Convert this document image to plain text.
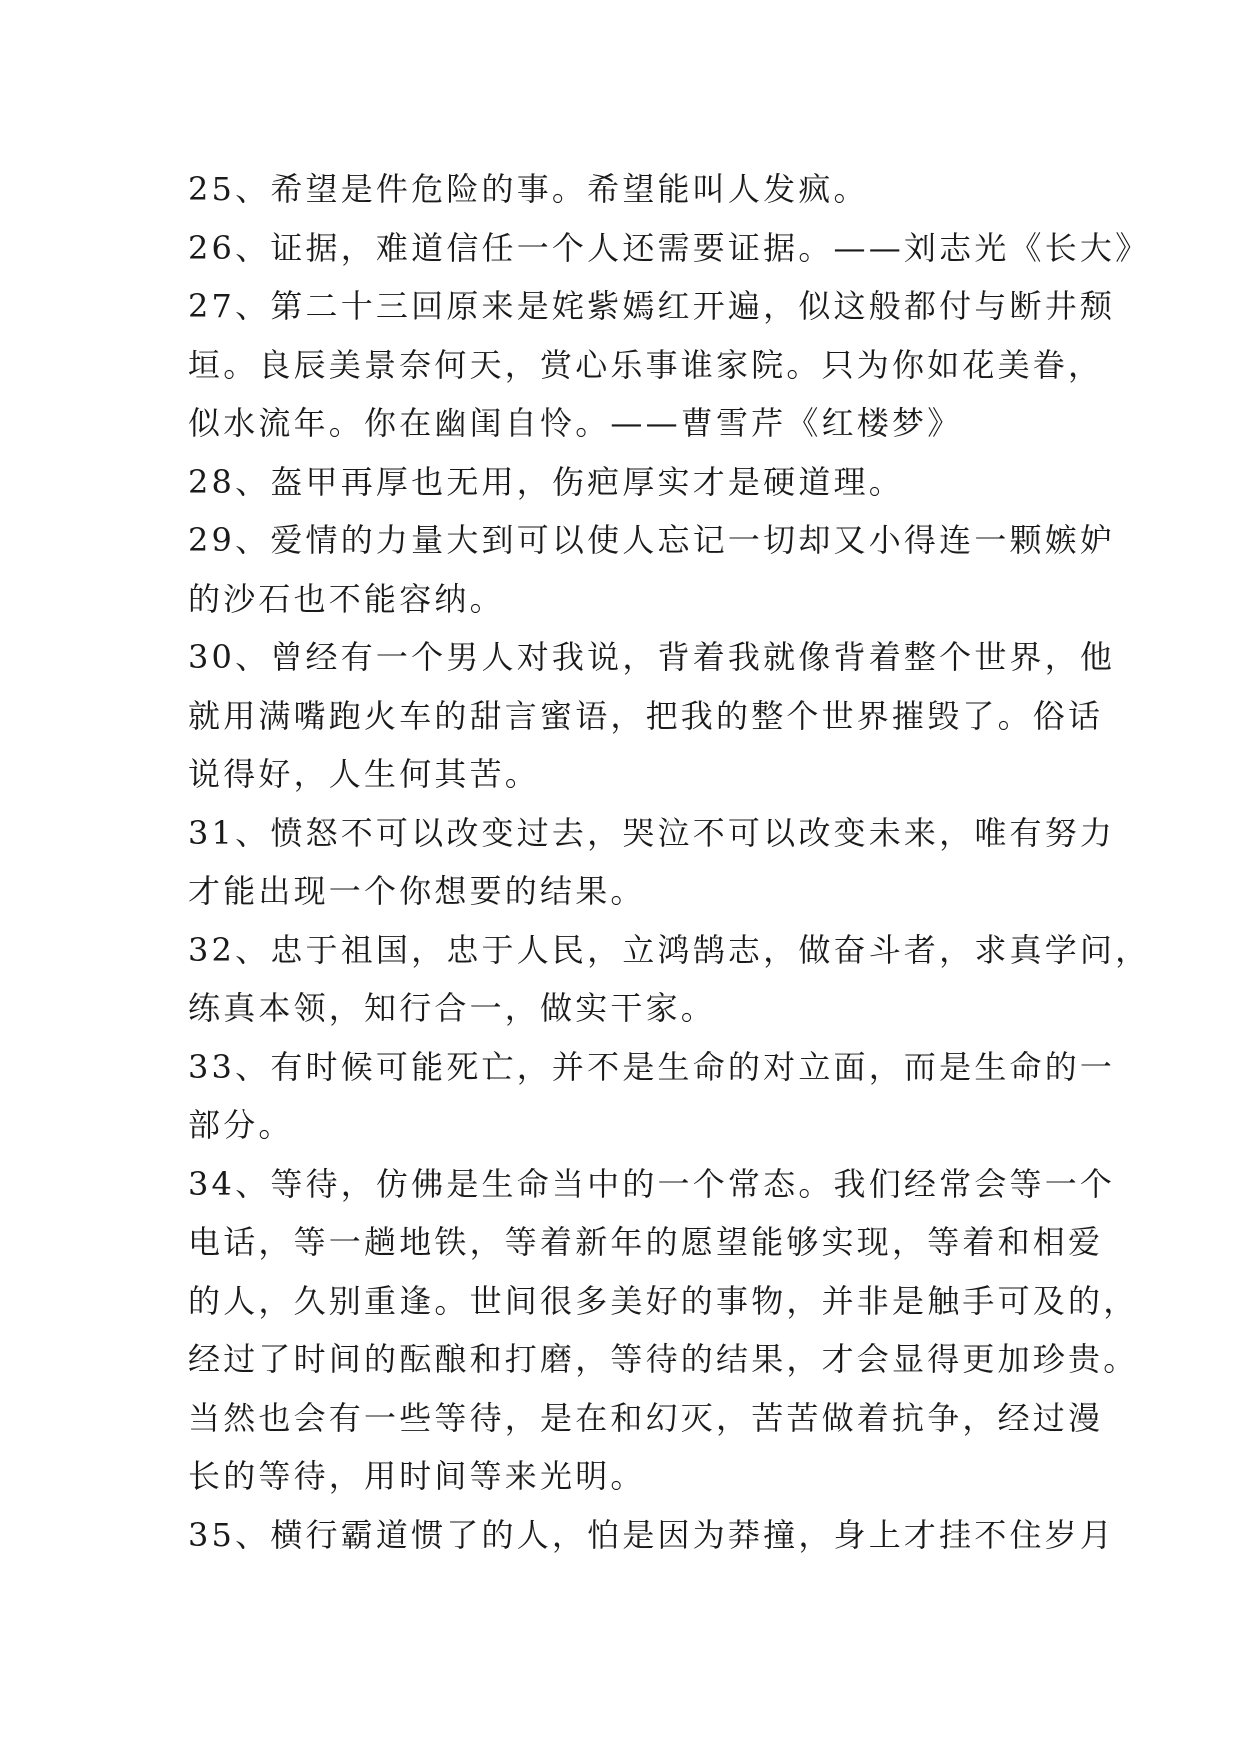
25、希望是件危险的事。希望能叫人发疯。
26、证据，难道信任一个人还需要证据。——刘志光《长大》
27、第二十三回原来是姹紫嫣红开遍，似这般都付与断井颓
垣。良辰美景奈何天，赏心乐事谁家院。只为你如花美眷，
似水流年。你在幽闺自怜。——曹雪芹《红楼梦》
28、盔甲再厚也无用，伤疤厚实才是硬道理。
29、爱情的力量大到可以使人忘记一切却又小得连一颗嫉妒
的沙石也不能容纳。
30、曾经有一个男人对我说，背着我就像背着整个世界，他
就用满嘴跑火车的甜言蜜语，把我的整个世界摧毁了。俗话
说得好，人生何其苦。
31、愤怒不可以改变过去，哭泣不可以改变未来，唯有努力
才能出现一个你想要的结果。
32、忠于祖国，忠于人民，立鸿鹄志，做奋斗者，求真学问，
练真本领，知行合一，做实干家。
33、有时候可能死亡，并不是生命的对立面，而是生命的一
部分。
34、等待，仿佛是生命当中的一个常态。我们经常会等一个
电话，等一趟地铁，等着新年的愿望能够实现，等着和相爱
的人，久别重逢。世间很多美好的事物，并非是触手可及的，
经过了时间的酝酿和打磨，等待的结果，才会显得更加珍贵。
当然也会有一些等待，是在和幻灭，苦苦做着抗争，经过漫
长的等待，用时间等来光明。
35、横行霸道惯了的人，怕是因为莽撞，身上才挂不住岁月
